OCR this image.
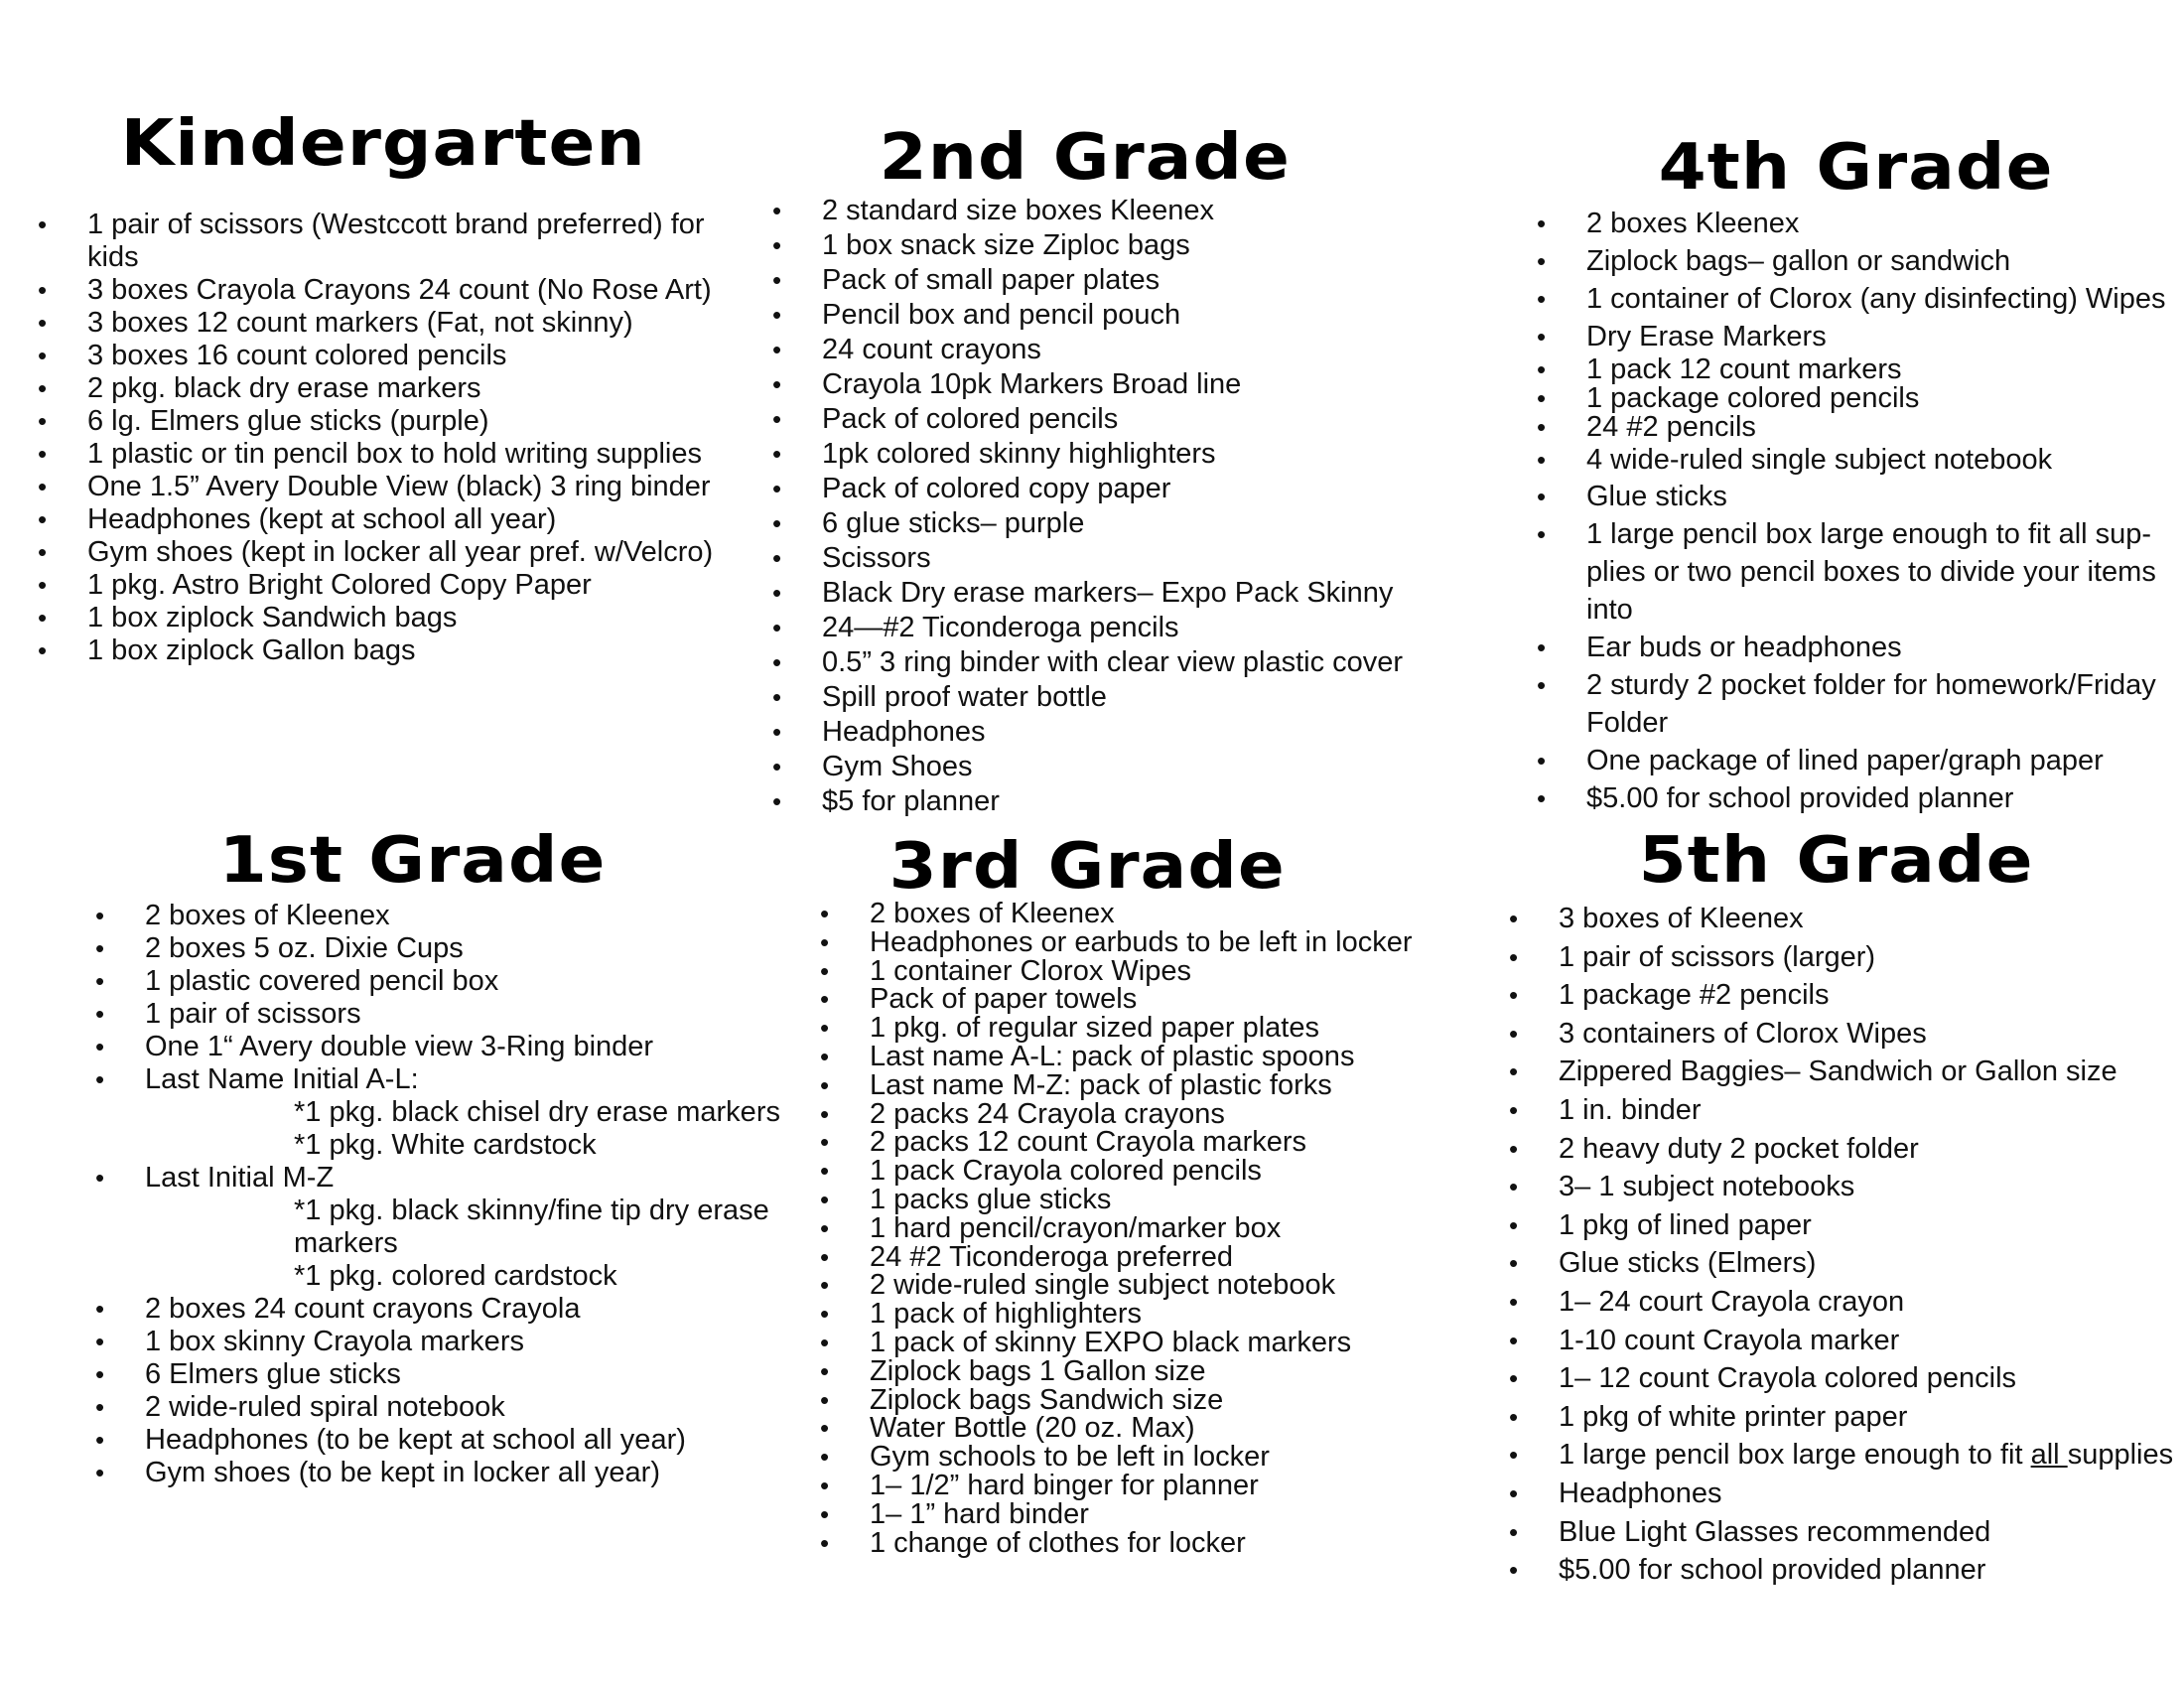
Kindergarten
• 1 pair of scissors (Westccott brand preferred) for kids
• 3 boxes Crayola Crayons 24 count (No Rose Art)
• 3 boxes 12 count markers (Fat, not skinny)
• 3 boxes 16 count colored pencils
• 2 pkg. black dry erase markers
• 6 lg. Elmers glue sticks (purple)
• 1 plastic or tin pencil box to hold writing supplies
• One 1.5” Avery Double View (black) 3 ring binder
• Headphones (kept at school all year)
• Gym shoes (kept in locker all year pref. w/Velcro)
• 1 pkg. Astro Bright Colored Copy Paper
• 1 box ziplock Sandwich bags
• 1 box ziplock Gallon bags
2nd Grade
• 2 standard size boxes Kleenex
• 1 box snack size Ziploc bags
• Pack of small paper plates
• Pencil box and pencil pouch
• 24 count crayons
• Crayola 10pk Markers Broad line
• Pack of colored pencils
• 1pk colored skinny highlighters
• Pack of colored copy paper
• 6 glue sticks– purple
• Scissors
• Black Dry erase markers– Expo Pack Skinny
• 24—#2 Ticonderoga pencils
• 0.5” 3 ring binder with clear view plastic cover
• Spill proof water bottle
• Headphones
• Gym Shoes
• $5 for planner
4th Grade
• 2 boxes Kleenex
• Ziplock bags– gallon or sandwich
• 1 container of Clorox (any disinfecting) Wipes
• Dry Erase Markers
• 1 pack 12 count markers
• 1 package colored pencils
• 24 #2 pencils
• 4 wide-ruled single subject notebook
• Glue sticks
• 1 large pencil box large enough to fit all sup-plies or two pencil boxes to divide your items into
• Ear buds or headphones
• 2 sturdy 2 pocket folder for homework/Friday Folder
• One package of lined paper/graph paper
• $5.00 for school provided planner
1st Grade
• 2 boxes of Kleenex
• 2 boxes 5 oz. Dixie Cups
• 1 plastic covered pencil box
• 1 pair of scissors
• One 1“ Avery double view 3-Ring binder
• Last Name Initial A-L:
*1 pkg. black chisel dry erase markers
*1 pkg. White cardstock
• Last Initial M-Z
*1 pkg. black skinny/fine tip dry erase markers
*1 pkg. colored cardstock
• 2 boxes 24 count crayons Crayola
• 1 box skinny Crayola markers
• 6 Elmers glue sticks
• 2 wide-ruled spiral notebook
• Headphones (to be kept at school all year)
• Gym shoes (to be kept in locker all year)
3rd Grade
• 2 boxes of Kleenex
• Headphones or earbuds to be left in locker
• 1 container Clorox Wipes
• Pack of paper towels
• 1 pkg. of regular sized paper plates
• Last name A-L: pack of plastic spoons
• Last name M-Z: pack of plastic forks
• 2 packs 24 Crayola crayons
• 2 packs 12 count Crayola markers
• 1 pack Crayola colored pencils
• 1 packs glue sticks
• 1 hard pencil/crayon/marker box
• 24 #2 Ticonderoga preferred
• 2 wide-ruled single subject notebook
• 1 pack of highlighters
• 1 pack of skinny EXPO black markers
• Ziplock bags 1 Gallon size
• Ziplock bags Sandwich size
• Water Bottle (20 oz. Max)
• Gym schools to be left in locker
• 1– 1/2” hard binger for planner
• 1– 1” hard binder
• 1 change of clothes for locker
5th Grade
• 3 boxes of Kleenex
• 1 pair of scissors (larger)
• 1 package #2 pencils
• 3 containers of Clorox Wipes
• Zippered Baggies– Sandwich or Gallon size
• 1 in. binder
• 2 heavy duty 2 pocket folder
• 3– 1 subject notebooks
• 1 pkg of lined paper
• Glue sticks (Elmers)
• 1– 24 court Crayola crayon
• 1-10 count Crayola marker
• 1– 12 count Crayola colored pencils
• 1 pkg of white printer paper
• 1 large pencil box large enough to fit all supplies
• Headphones
• Blue Light Glasses recommended
• $5.00 for school provided planner
